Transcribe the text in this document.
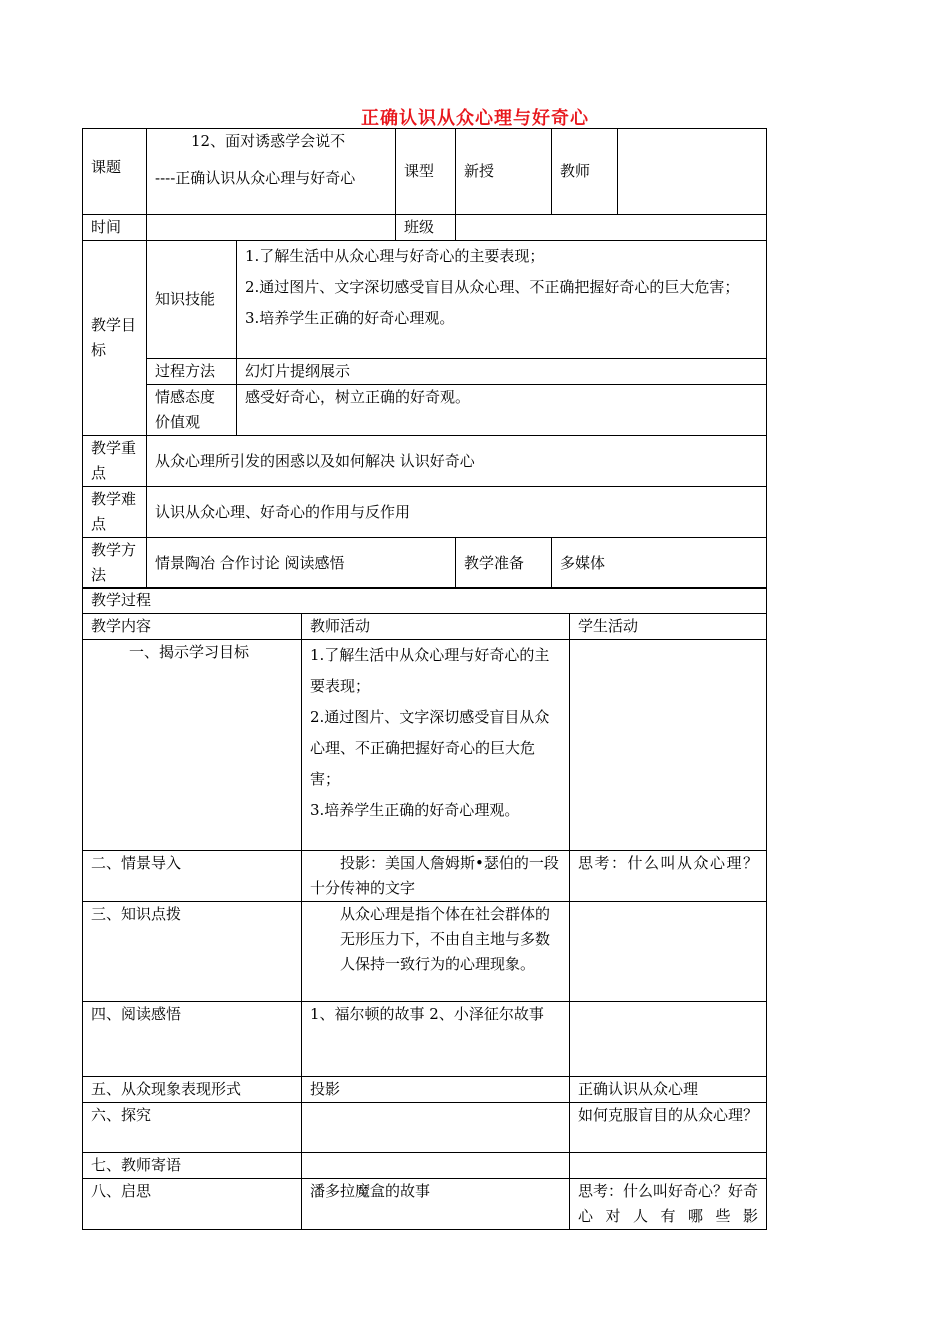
正确认识从众心理与好奇心
课题	12、面对诱惑学会说不
----正确认识从众心理与好奇心		课型	新授	教师	
时间			班级			
教学目标	知识技能	1.了解生活中从众心理与好奇心的主要表现；
2.通过图片、文字深切感受盲目从众心理、不正确把握好奇心的巨大危害；
3.培养学生正确的好奇心理观。				

	过程方法	幻灯片提纲展示				
	情感态度价值观	感受好奇心，树立正确的好奇观。				
教学重点	从众心理所引发的困惑以及如何解决 认识好奇心					
教学难点	认识从众心理、好奇心的作用与反作用					
教学方法	情景陶冶 合作讨论 阅读感悟			教学准备	多媒体	
教学过程		
教学内容	教师活动	学生活动
一、揭示学习目标	1.了解生活中从众心理与好奇心的主要表现；
2.通过图片、文字深切感受盲目从众心理、不正确把握好奇心的巨大危害；
3.培养学生正确的好奇心理观。	

二、情景导入	投影：美国人詹姆斯•瑟伯的一段十分传神的文字	思考：什么叫从众心理？
三、知识点拨	从众心理是指个体在社会群体的无形压力下，不由自主地与多数人保持一致行为的心理现象。	
四、阅读感悟	1、福尔顿的故事 2、小泽征尔故事	
五、从众现象表现形式	投影	正确认识从众心理
六、探究		如何克服盲目的从众心理？
七、教师寄语		
八、启思	潘多拉魔盒的故事	思考：什么叫好奇心？好奇心对人有哪些影
